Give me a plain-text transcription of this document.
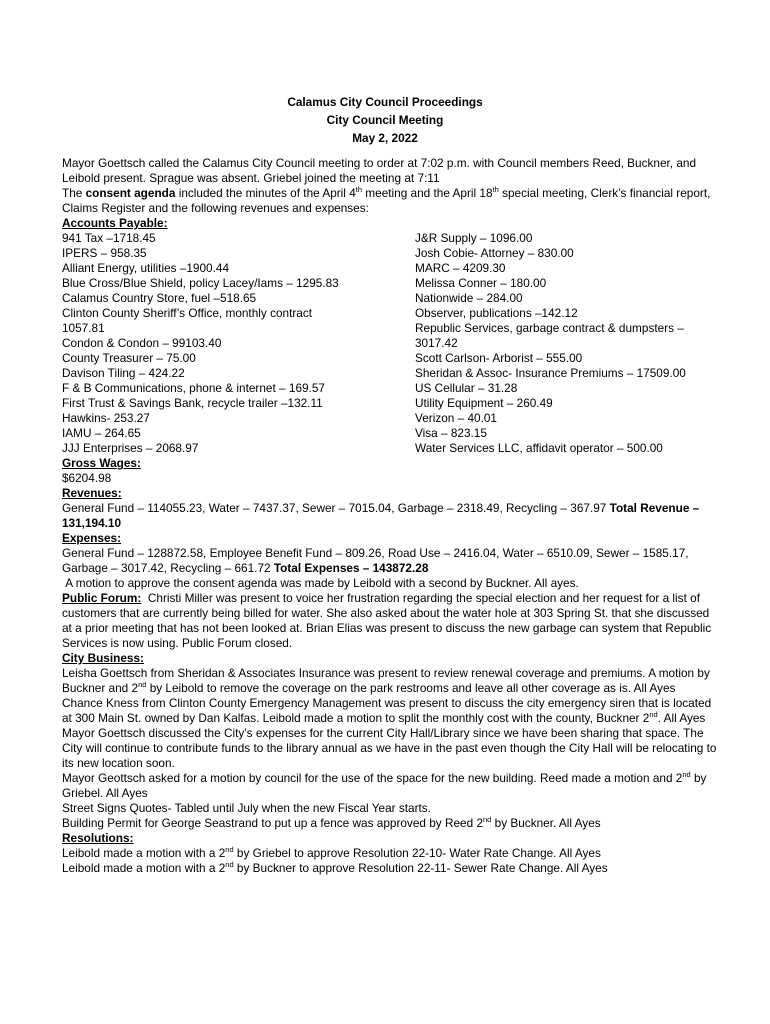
Calamus City Council Proceedings
City Council Meeting
May 2, 2022

Mayor Goettsch called the Calamus City Council meeting to order at 7:02 p.m. with Council members Reed, Buckner, and Leibold present. Sprague was absent. Griebel joined the meeting at 7:11

The consent agenda included the minutes of the April 4th meeting and the April 18th special meeting, Clerk’s financial report, Claims Register and the following revenues and expenses:

Accounts Payable:

941 Tax –1718.45
IPERS – 958.35
Alliant Energy, utilities –1900.44
Blue Cross/Blue Shield, policy Lacey/Iams – 1295.83
Calamus Country Store, fuel –518.65
Clinton County Sheriff’s Office, monthly contract
1057.81
Condon & Condon – 99103.40
County Treasurer – 75.00
Davison Tiling – 424.22
F & B Communications, phone & internet – 169.57
First Trust & Savings Bank, recycle trailer –132.11
Hawkins- 253.27
IAMU – 264.65
JJJ Enterprises – 2068.97
J&R Supply – 1096.00
Josh Cobie- Attorney – 830.00
MARC – 4209.30
Melissa Conner – 180.00
Nationwide – 284.00
Observer, publications –142.12
Republic Services, garbage contract & dumpsters –
3017.42
Scott Carlson- Arborist – 555.00
Sheridan & Assoc- Insurance Premiums – 17509.00
US Cellular – 31.28
Utility Equipment – 260.49
Verizon – 40.01
Visa – 823.15
Water Services LLC, affidavit operator – 500.00

Gross Wages:

$6204.98

Revenues:

General Fund – 114055.23, Water – 7437.37, Sewer – 7015.04, Garbage – 2318.49, Recycling – 367.97 Total Revenue – 131,194.10

Expenses:

General Fund – 128872.58, Employee Benefit Fund – 809.26, Road Use – 2416.04, Water – 6510.09, Sewer – 1585.17, Garbage – 3017.42, Recycling – 661.72 Total Expenses – 143872.28

A motion to approve the consent agenda was made by Leibold with a second by Buckner. All ayes.

Public Forum:  Christi Miller was present to voice her frustration regarding the special election and her request for a list of customers that are currently being billed for water. She also asked about the water hole at 303 Spring St. that she discussed at a prior meeting that has not been looked at. Brian Elias was present to discuss the new garbage can system that Republic Services is now using. Public Forum closed.

City Business:

Leisha Goettsch from Sheridan & Associates Insurance was present to review renewal coverage and premiums. A motion by Buckner and 2nd by Leibold to remove the coverage on the park restrooms and leave all other coverage as is. All Ayes

Chance Kness from Clinton County Emergency Management was present to discuss the city emergency siren that is located at 300 Main St. owned by Dan Kalfas. Leibold made a motion to split the monthly cost with the county, Buckner 2nd. All Ayes

Mayor Goettsch discussed the City’s expenses for the current City Hall/Library since we have been sharing that space. The City will continue to contribute funds to the library annual as we have in the past even though the City Hall will be relocating to its new location soon.

Mayor Geottsch asked for a motion by council for the use of the space for the new building. Reed made a motion and 2nd by Griebel. All Ayes

Street Signs Quotes- Tabled until July when the new Fiscal Year starts.

Building Permit for George Seastrand to put up a fence was approved by Reed 2nd by Buckner. All Ayes

Resolutions:

Leibold made a motion with a 2nd by Griebel to approve Resolution 22-10- Water Rate Change. All Ayes

Leibold made a motion with a 2nd by Buckner to approve Resolution 22-11- Sewer Rate Change. All Ayes
